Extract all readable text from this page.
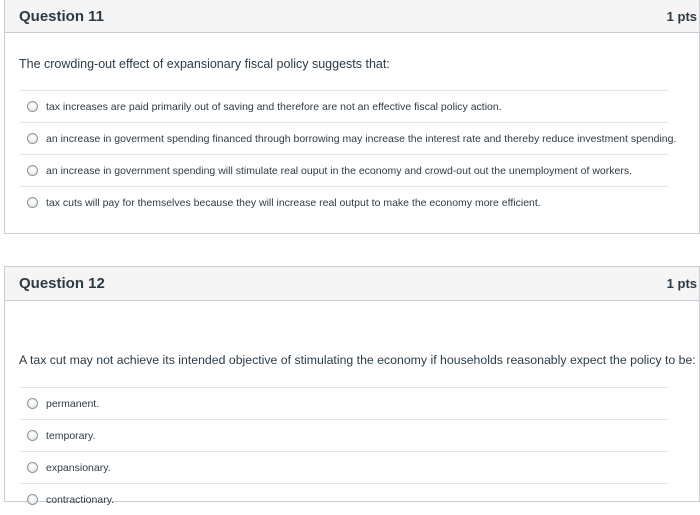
Question 11	1 pts
The crowding-out effect of expansionary fiscal policy suggests that:
tax increases are paid primarily out of saving and therefore are not an effective fiscal policy action.
an increase in goverment spending financed through borrowing may increase the interest rate and thereby reduce investment spending.
an increase in government spending will stimulate real ouput in the economy and crowd-out out the unemployment of workers.
tax cuts will pay for themselves because they will increase real output to make the economy more efficient.
Question 12	1 pts
A tax cut may not achieve its intended objective of stimulating the economy if households reasonably expect the policy to be:
permanent.
temporary.
expansionary.
contractionary.
